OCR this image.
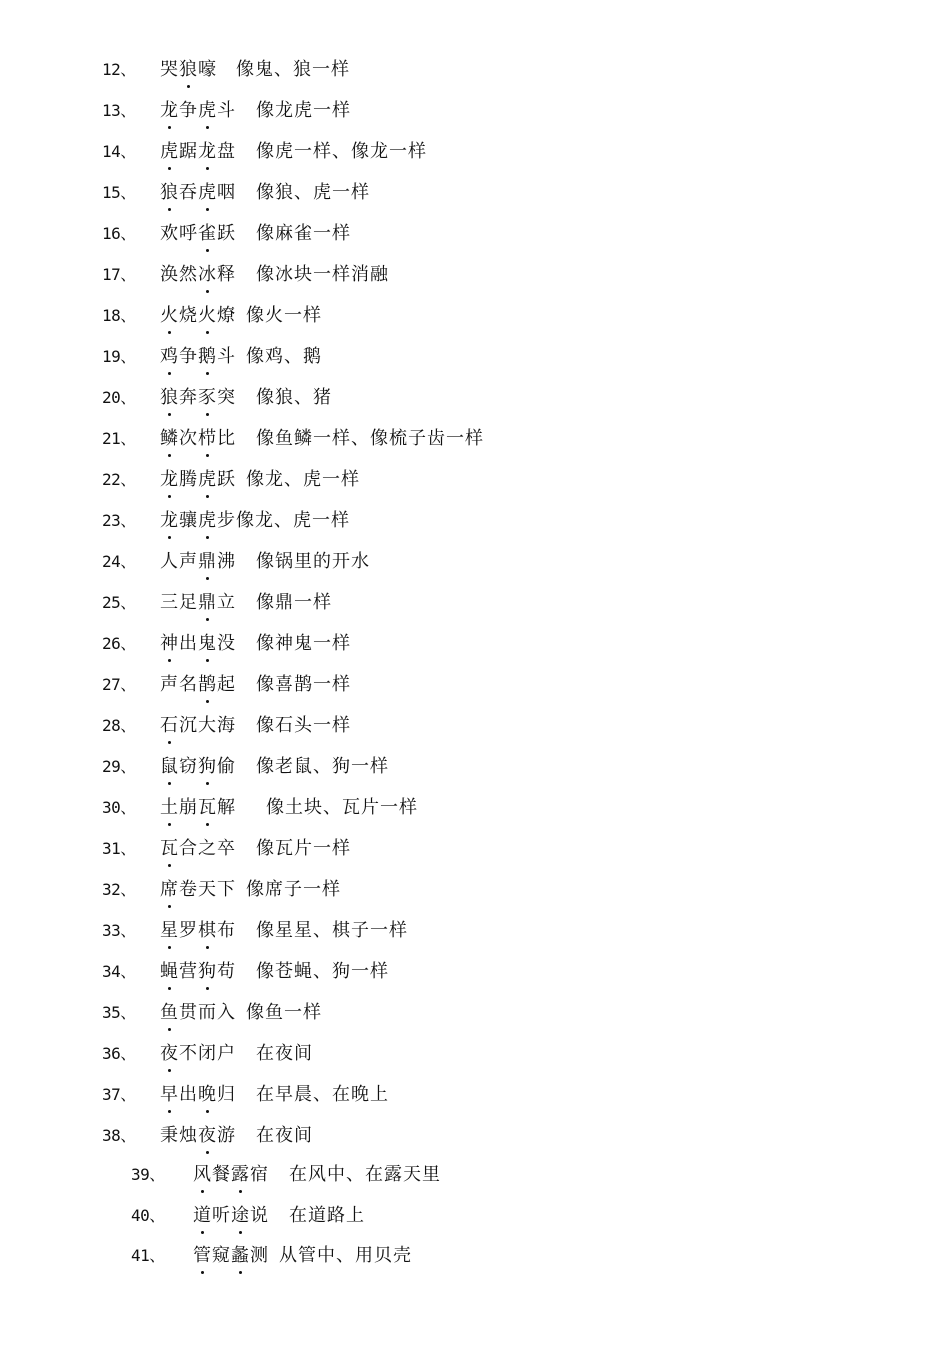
12、	哭狼嚎	像鬼、狼一样
13、	龙争虎斗 像龙虎一样
14、	虎踞龙盘 像虎一样、像龙一样
15、	狼吞虎咽 像狼、虎一样
16、	欢呼雀跃 像麻雀一样
17、	涣然冰释 像冰块一样消融
18、	火烧火燎 像火一样
19、	鸡争鹅斗 像鸡、鹅
20、	狼奔豕突 像狼、猪
21、	鳞次栉比 像鱼鳞一样、像梳子齿一样
22、	龙腾虎跃 像龙、虎一样
23、	龙骧虎步 像龙、虎一样
24、	人声鼎沸 像锅里的开水
25、	三足鼎立 像鼎一样
26、	神出鬼没 像神鬼一样
27、	声名鹊起 像喜鹊一样
28、	石沉大海 像石头一样
29、	鼠窃狗偷 像老鼠、狗一样
30、	土崩瓦解 像土块、瓦片一样
31、	瓦合之卒 像瓦片一样
32、	席卷天下 像席子一样
33、	星罗棋布 像星星、棋子一样
34、	蝇营狗苟 像苍蝇、狗一样
35、	鱼贯而入 像鱼一样
36、	夜不闭户 在夜间
37、	早出晚归 在早晨、在晚上
38、	秉烛夜游 在夜间
39、	风餐露宿 在风中、在露天里
40、	道听途说 在道路上
41、	管窥蠡测 从管中、用贝壳
